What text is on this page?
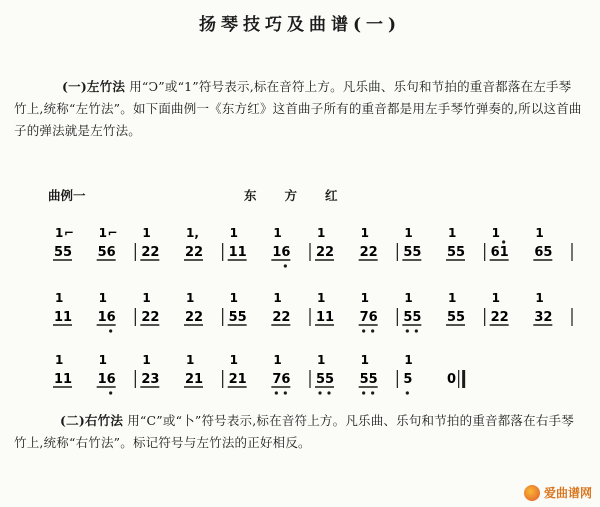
扬琴技巧及曲谱(一)
(一)左竹法 用“Ↄ”或“1”符号表示,标在音符上方。凡乐曲、乐句和节拍的重音都落在左手琴竹上,统称“左竹法”。如下面曲例一《东方红》这首曲子所有的重音都是用左手琴竹弹奏的,所以这首曲子的弹法就是左竹法。
曲例一	东方红
5 5
1 ⌐
5 6
1 ⌐
2 2
1
2 2
1,
1 1
1
1 6
1
2 2
1
2 2
1
5 5
1
5 5
1
6 1
1
6 5
1
1 1
1
1 6
1
2 2
1
2 2
1
5 5
1
2 2
1
1 1
1
7 6
1
5 5
1
5 5
1
2 2
1
3 2
1
1 1
1
1 6
1
2 3
1
2 1
1
2 1
1
7 6
1
5 5
1
5 5
1
5
1
0
(二)右竹法 用“C”或“卜”符号表示,标在音符上方。凡乐曲、乐句和节拍的重音都落在右手琴竹上,统称“右竹法”。标记符号与左竹法的正好相反。
爱曲谱网
